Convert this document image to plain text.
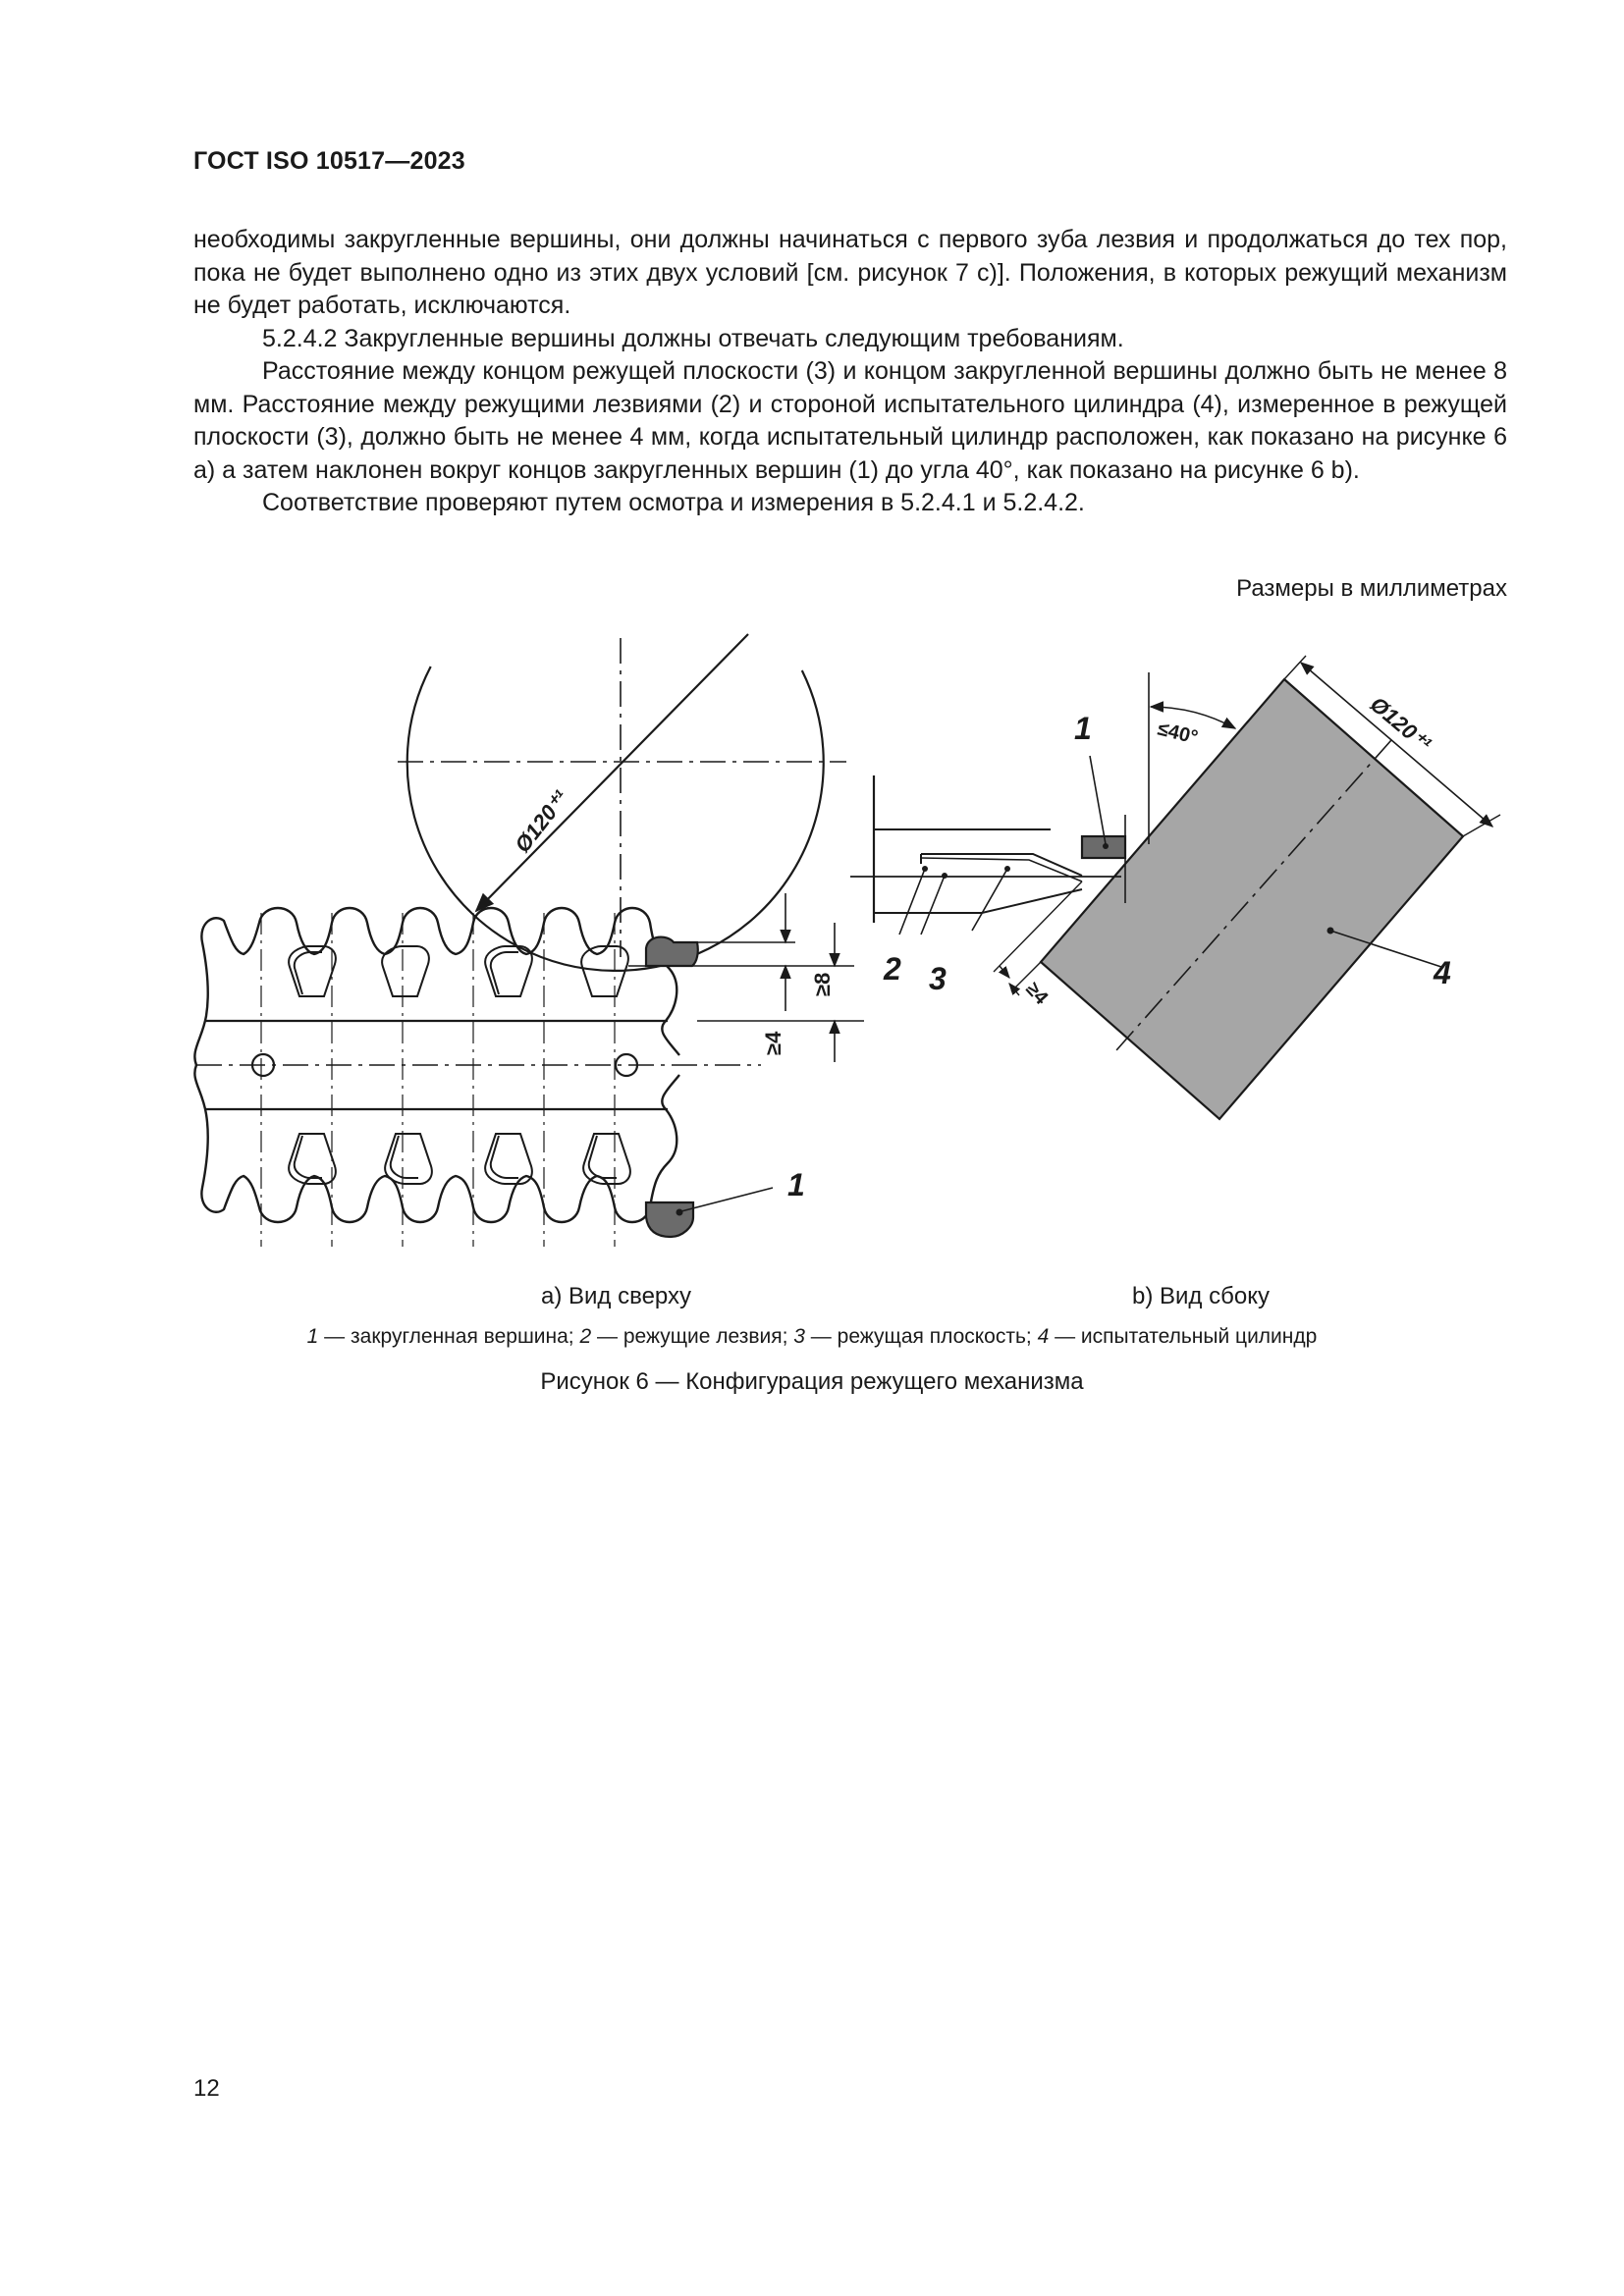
ГОСТ ISO 10517—2023

необходимы закругленные вершины, они должны начинаться с первого зуба лезвия и продолжаться до тех пор, пока не будет выполнено одно из этих двух условий [см. рисунок 7 с)]. Положения, в которых режущий механизм не будет работать, исключаются.

5.2.4.2 Закругленные вершины должны отвечать следующим требованиям.

Расстояние между концом режущей плоскости (3) и концом закругленной вершины должно быть не менее 8 мм. Расстояние между режущими лезвиями (2) и стороной испытательного цилиндра (4), измеренное в режущей плоскости (3), должно быть не менее 4 мм, когда испытательный цилиндр расположен, как показано на рисунке 6 а) а затем наклонен вокруг концов закругленных вершин (1) до угла 40°, как показано на рисунке 6 b).

Соответствие проверяют путем осмотра и измерения в 5.2.4.1 и 5.2.4.2.

Размеры в миллиметрах
Ø120⁺¹
≥8
≥4
1
1	≤40°	Ø120⁺¹
2 3	4
≥4
a) Вид сверху	b) Вид сбоку
1 — закругленная вершина; 2 — режущие лезвия; 3 — режущая плоскость; 4 — испытательный цилиндр
Рисунок 6 — Конфигурация режущего механизма
12
